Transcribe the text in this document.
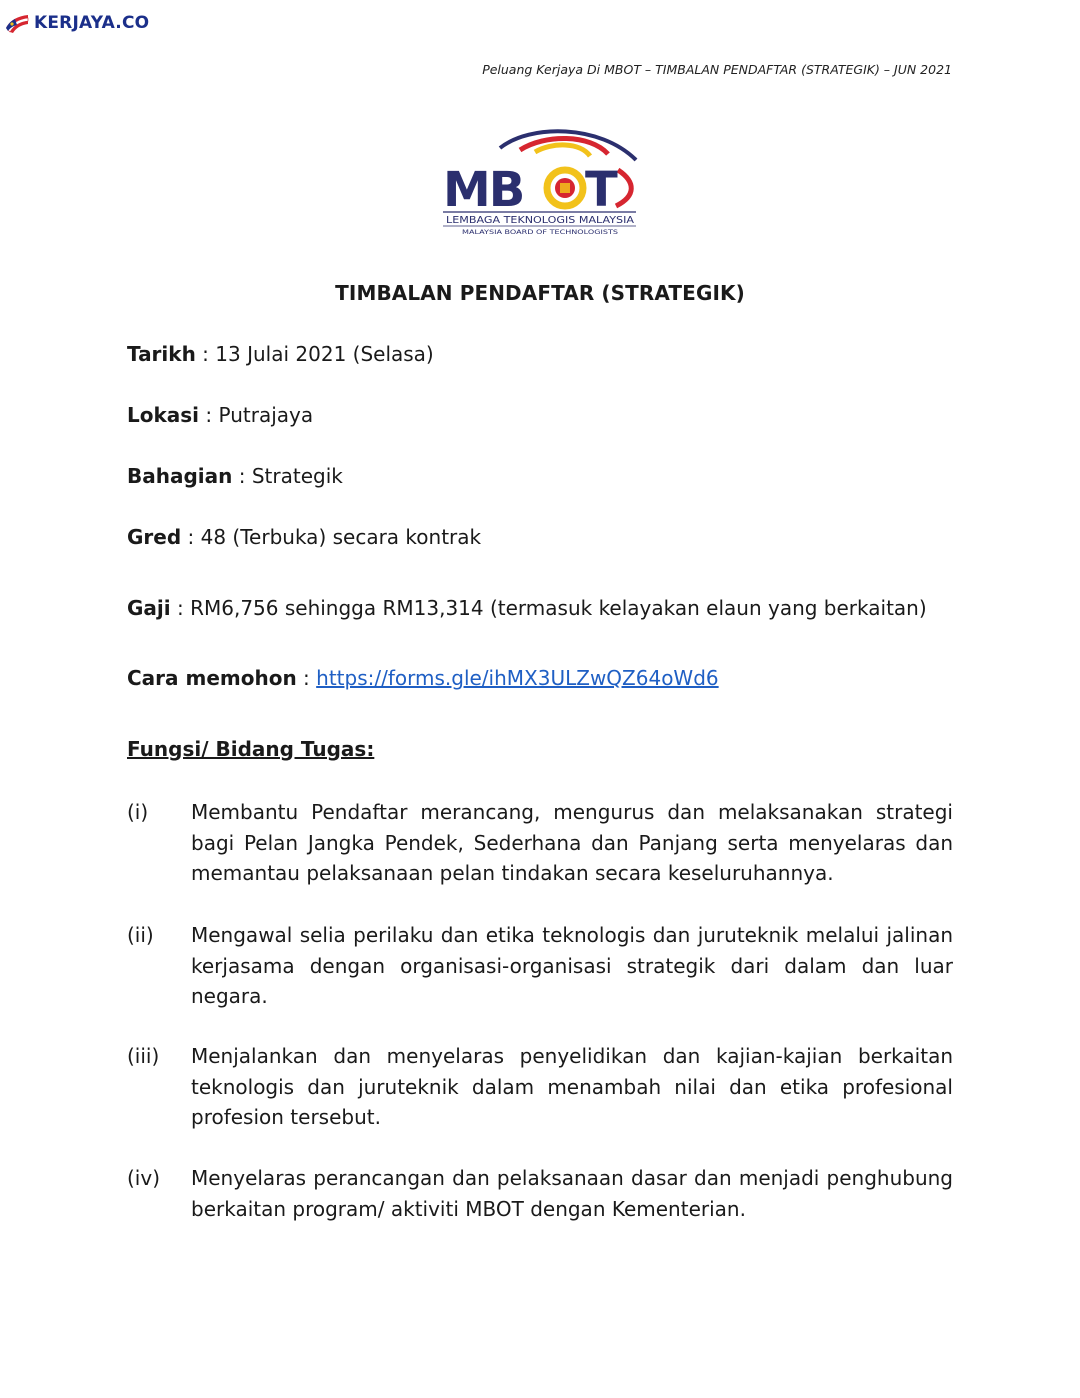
KERJAYA.CO
Peluang Kerjaya Di MBOT – TIMBALAN PENDAFTAR (STRATEGIK) – JUN 2021
MB T
LEMBAGA TEKNOLOGIS MALAYSIA
MALAYSIA BOARD OF TECHNOLOGISTS
TIMBALAN PENDAFTAR (STRATEGIK)
Tarikh : 13 Julai 2021 (Selasa)
Lokasi : Putrajaya
Bahagian : Strategik
Gred : 48 (Terbuka) secara kontrak
Gaji : RM6,756 sehingga RM13,314 (termasuk kelayakan elaun yang berkaitan)
Cara memohon : https://forms.gle/ihMX3ULZwQZ64oWd6
Fungsi/ Bidang Tugas:
(i) Membantu Pendaftar merancang, mengurus dan melaksanakan strategi bagi Pelan Jangka Pendek, Sederhana dan Panjang serta menyelaras dan memantau pelaksanaan pelan tindakan secara keseluruhannya.
(ii) Mengawal selia perilaku dan etika teknologis dan juruteknik melalui jalinan kerjasama dengan organisasi-organisasi strategik dari dalam dan luar negara.
(iii) Menjalankan dan menyelaras penyelidikan dan kajian-kajian berkaitan teknologis dan juruteknik dalam menambah nilai dan etika profesional profesion tersebut.
(iv) Menyelaras perancangan dan pelaksanaan dasar dan menjadi penghubung berkaitan program/ aktiviti MBOT dengan Kementerian.
